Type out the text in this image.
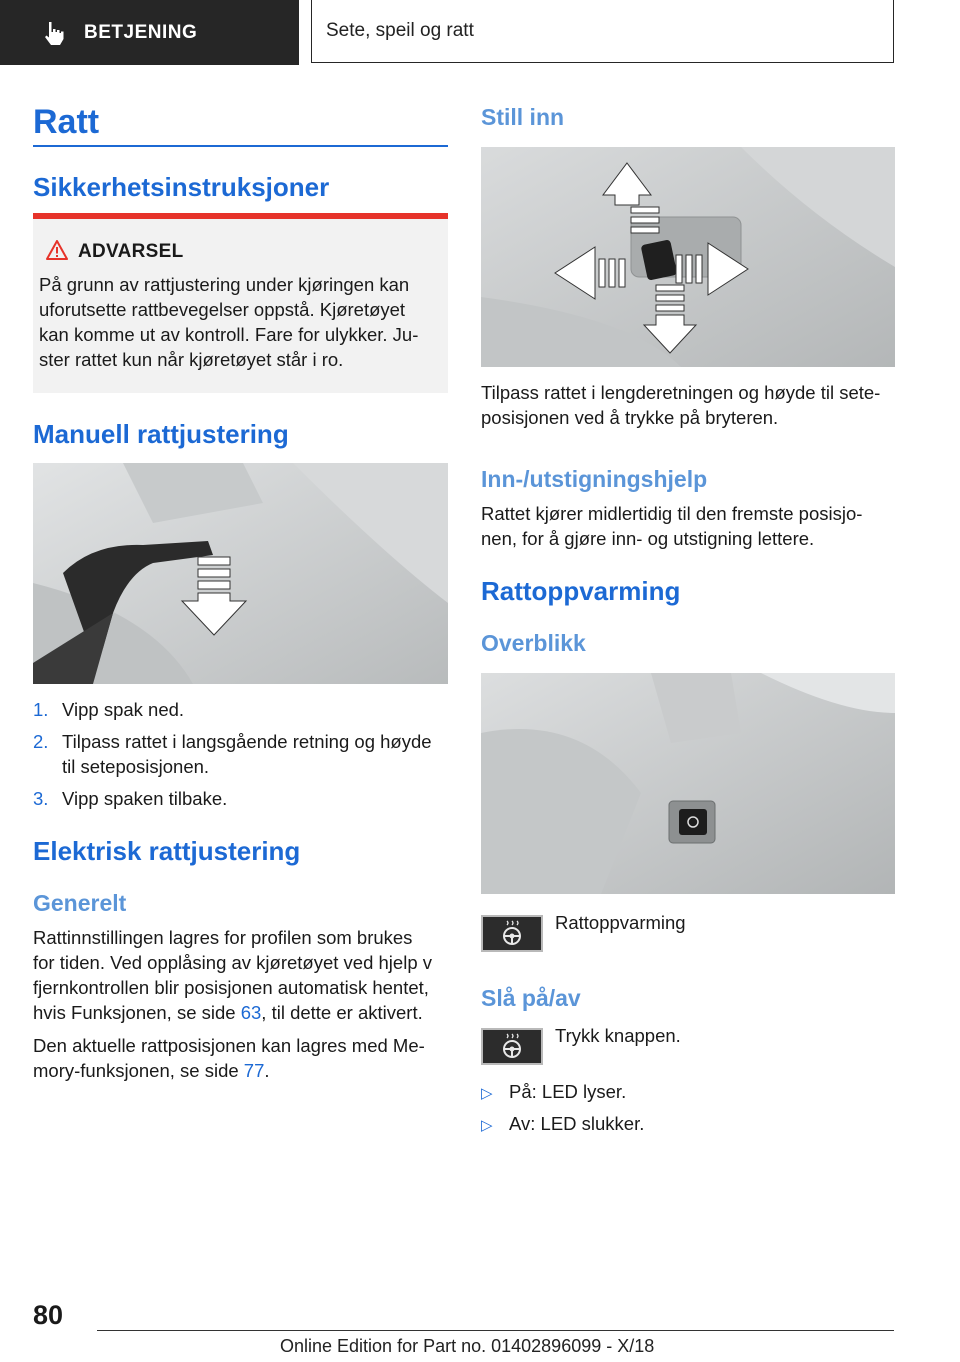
BETJENING	Sete, speil og ratt
Ratt
Sikkerhetsinstruksjoner
ADVARSEL

På grunn av rattjustering under kjøringen kan

uforutsette rattbevegelser oppstå. Kjøretøyet

kan komme ut av kontroll. Fare for ulykker. Ju-

ster rattet kun når kjøretøyet står i ro.

Manuell rattjustering
1. Vipp spak ned.
2. Tilpass rattet i langsgående retning og høyde
til seteposisjonen.
3. Vipp spaken tilbake.
Elektrisk rattjustering
Generelt

Rattinnstillingen lagres for profilen som brukes

for tiden. Ved opplåsing av kjøretøyet ved hjelp v

fjernkontrollen blir posisjonen automatisk hentet,

hvis Funksjonen, se side 63, til dette er aktivert.

Den aktuelle rattposisjonen kan lagres med Me-

mory-funksjonen, se side 77.

Still inn

Tilpass rattet i lengderetningen og høyde til sete-

posisjonen ved å trykke på bryteren.

Inn-/utstigningshjelp

Rattet kjører midlertidig til den fremste posisjo-

nen, for å gjøre inn- og utstigning lettere.

Rattoppvarming
Overblikk

Rattoppvarming

Slå på/av

Trykk knappen.

▷ På: LED lyser.
▷ Av: LED slukker.
80
Online Edition for Part no. 01402896099 - X/18
